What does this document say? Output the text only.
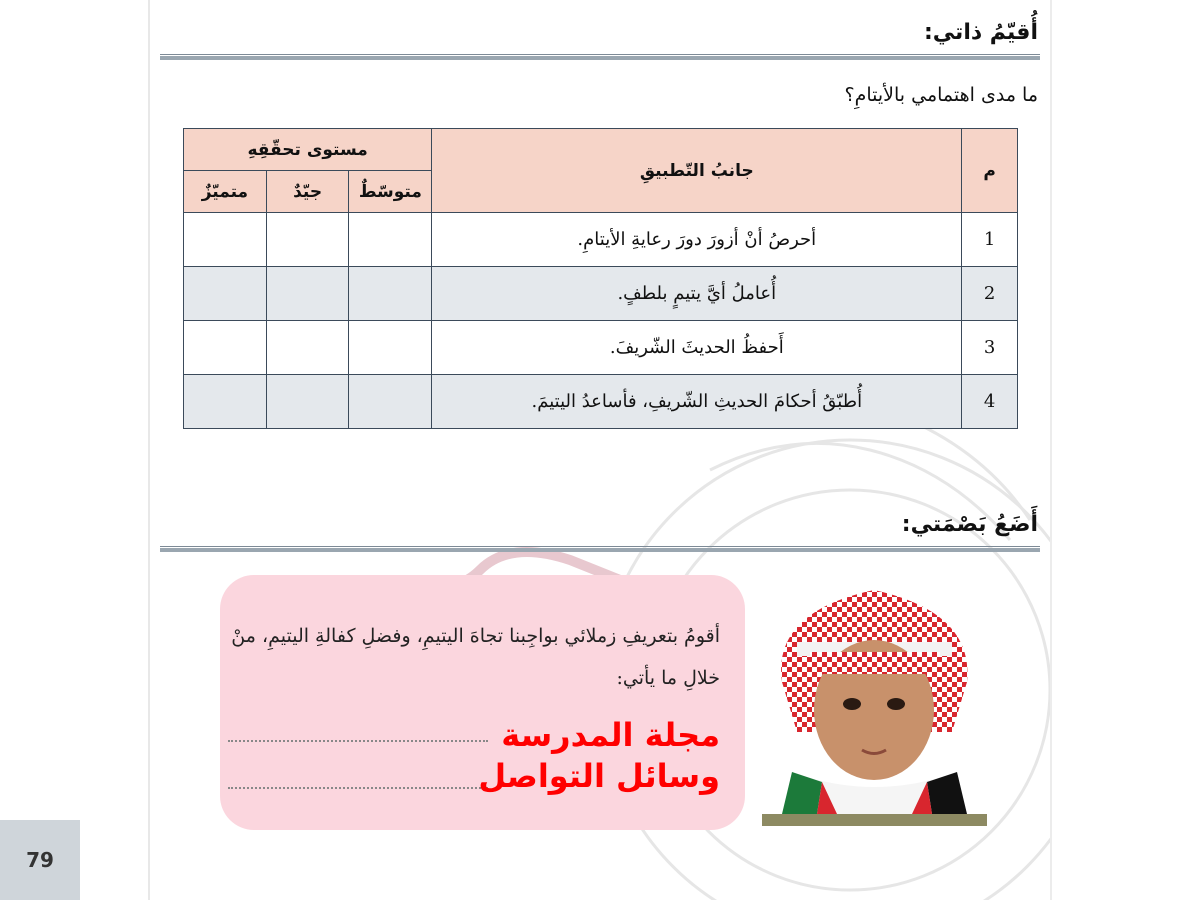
أُقيّمُ ذاتي:
ما مدى اهتمامي بالأيتامِ؟
م	جانبُ التّطبيقِ	مستوى تحقّقِهِ		
		متوسّطٌ	جيّدٌ	متميّزٌ
1	أحرصُ أنْ أزورَ دورَ رعايةِ الأيتامِ.			
2	أُعاملُ أيَّ يتيمٍ بلطفٍ.			
3	أَحفظُ الحديثَ الشّريفَ.			
4	أُطبّقُ أحكامَ الحديثِ الشّريفِ، فأساعدُ اليتيمَ.			
أَضَعُ بَصْمَتي:
أقومُ بتعريفِ زملائي بواجِبنا تجاهَ اليتيمِ، وفضلِ كفالةِ اليتيمِ، منْ خلالِ ما يأتي:
مجلة المدرسة
وسائل التواصل
79
